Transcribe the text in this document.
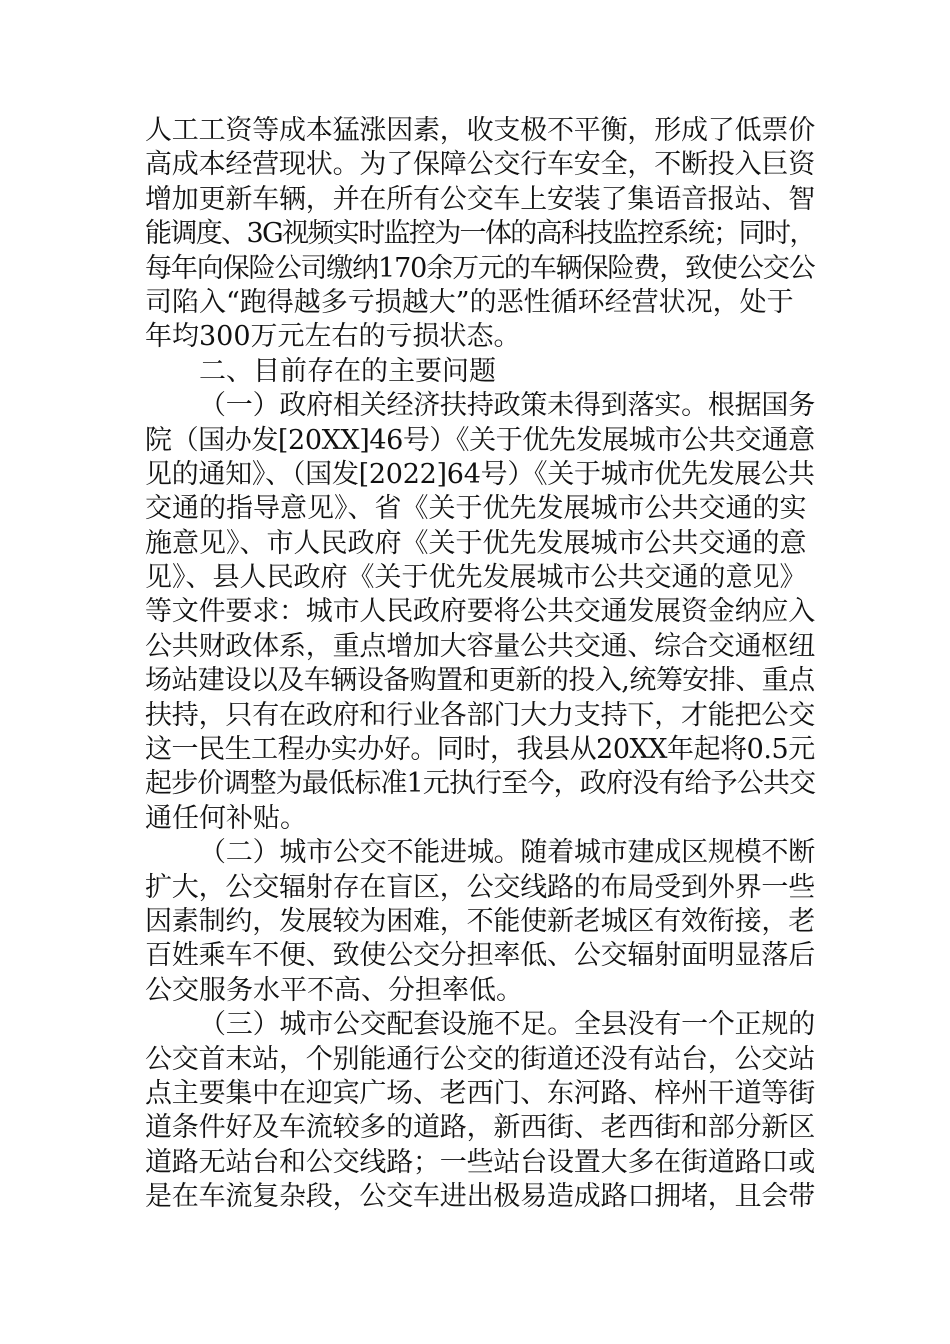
人工工资等成本猛涨因素，收支极不平衡，形成了低票价
高成本经营现状。为了保障公交行车安全，不断投入巨资
增加更新车辆，并在所有公交车上安装了集语音报站、智
能调度、3G视频实时监控为一体的高科技监控系统；同时，
每年向保险公司缴纳170余万元的车辆保险费，致使公交公
司陷入“跑得越多亏损越大”的恶性循环经营状况，处于
年均300万元左右的亏损状态。
二、目前存在的主要问题
（一）政府相关经济扶持政策未得到落实。根据国务
院（国办发[20XX]46号）《关于优先发展城市公共交通意
见的通知》、（国发[2022]64号）《关于城市优先发展公共
交通的指导意见》、省《关于优先发展城市公共交通的实
施意见》、市人民政府《关于优先发展城市公共交通的意
见》、县人民政府《关于优先发展城市公共交通的意见》
等文件要求：城市人民政府要将公共交通发展资金纳应入
公共财政体系，重点增加大容量公共交通、综合交通枢纽
场站建设以及车辆设备购置和更新的投入,统筹安排、重点
扶持，只有在政府和行业各部门大力支持下，才能把公交
这一民生工程办实办好。同时，我县从20XX年起将0.5元
起步价调整为最低标准1元执行至今，政府没有给予公共交
通任何补贴。
（二）城市公交不能进城。随着城市建成区规模不断
扩大，公交辐射存在盲区，公交线路的布局受到外界一些
因素制约，发展较为困难，不能使新老城区有效衔接，老
百姓乘车不便、致使公交分担率低、公交辐射面明显落后
公交服务水平不高、分担率低。
（三）城市公交配套设施不足。全县没有一个正规的
公交首末站，个别能通行公交的街道还没有站台，公交站
点主要集中在迎宾广场、老西门、东河路、梓州干道等街
道条件好及车流较多的道路，新西街、老西街和部分新区
道路无站台和公交线路；一些站台设置大多在街道路口或
是在车流复杂段，公交车进出极易造成路口拥堵，且会带
